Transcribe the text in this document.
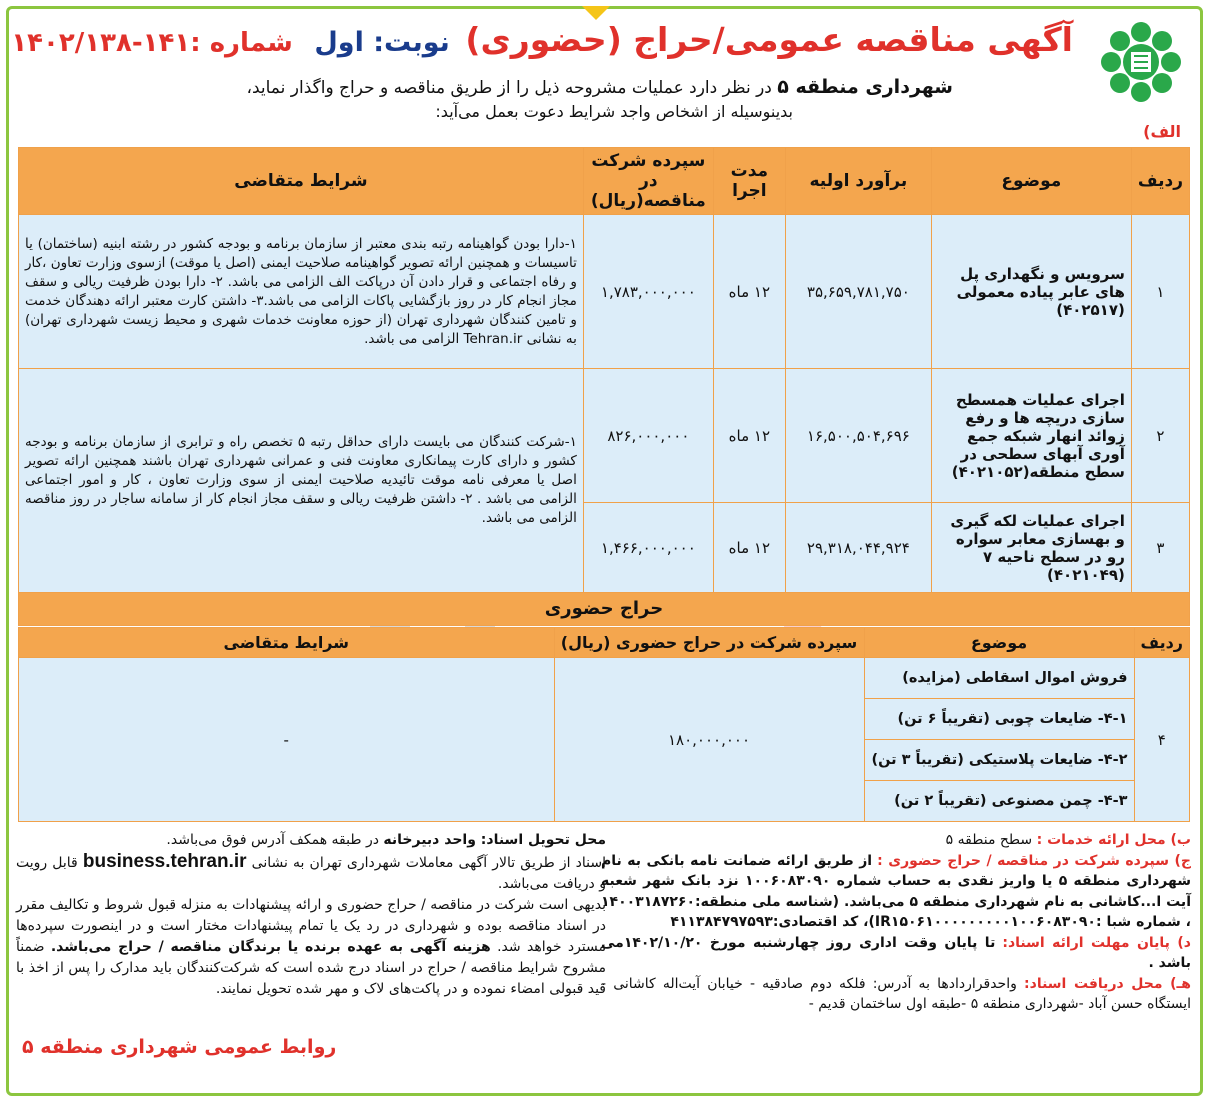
آگهی مناقصه عمومی/حراج (حضوری) نوبت: اول شماره :۱۴۱-۱۴۰۲/۱۳۸
شهرداری منطقه ۵ در نظر دارد عملیات مشروحه ذیل را از طریق مناقصه و حراج واگذار نماید،
بدینوسیله از اشخاص واجد شرایط دعوت بعمل می‌آید:
الف)
ردیف	موضوع	برآورد اولیه	مدت اجرا	سپرده شرکت در مناقصه(ریال)	شرایط متقاضی
۱	سرویس و نگهداری پل های عابر پیاده معمولی (۴۰۲۵۱۷)	۳۵,۶۵۹,۷۸۱,۷۵۰	۱۲ ماه	۱,۷۸۳,۰۰۰,۰۰۰	۱-دارا بودن گواهینامه رتبه بندی معتبر از سازمان برنامه و بودجه کشور در رشته ابنیه (ساختمان) یا تاسیسات و همچنین ارائه تصویر گواهینامه صلاحیت ایمنی (اصل یا موقت) ازسوی وزارت تعاون ،کار و رفاه اجتماعی و قرار دادن آن درپاکت الف الزامی می باشد. ۲- دارا بودن ظرفیت ریالی و سقف مجاز انجام کار در روز بازگشایی پاکات الزامی می باشد.۳- داشتن کارت معتبر ارائه دهندگان خدمت و تامین کنندگان شهرداری تهران (از حوزه معاونت خدمات شهری و محیط زیست شهرداری تهران) به نشانی Tehran.ir الزامی می باشد.
۲	اجرای عملیات همسطح سازی دریچه ها و رفع زوائد انهار شبکه جمع آوری آبهای سطحی در سطح منطقه(۴۰۲۱۰۵۲)	۱۶,۵۰۰,۵۰۴,۶۹۶	۱۲ ماه	۸۲۶,۰۰۰,۰۰۰	۱-شرکت کنندگان می بایست دارای حداقل رتبه ۵ تخصص راه و ترابری از سازمان برنامه و بودجه کشور و دارای کارت پیمانکاری معاونت فنی و عمرانی شهرداری تهران باشند همچنین ارائه تصویر اصل یا معرفی نامه موقت تائیدیه صلاحیت ایمنی از سوی وزارت تعاون ، کار و امور اجتماعی الزامی می باشد . ۲- داشتن ظرفیت ریالی و سقف مجاز انجام کار از سامانه ساجار در روز مناقصه الزامی می باشد.
۳	اجرای عملیات لکه گیری و بهسازی معابر سواره رو در سطح ناحیه ۷ (۴۰۲۱۰۴۹)	۲۹,۳۱۸,۰۴۴,۹۲۴	۱۲ ماه	۱,۴۶۶,۰۰۰,۰۰۰	
حراج حضوری
ردیف	موضوع	سپرده شرکت در حراج حضوری (ریال)	شرایط متقاضی
۴	فروش اموال اسقاطی (مزایده)	۱۸۰,۰۰۰,۰۰۰	-
	۴-۱- ضایعات چوبی (تقریباً ۶ تن)		
	۴-۲- ضایعات پلاستیکی (تقریباً ۳ تن)		
	۴-۳- چمن مصنوعی (تقریباً ۲ تن)		
ب) محل ارائه خدمات : سطح منطقه ۵
ج) سپرده شرکت در مناقصه / حراج حضوری : از طریق ارائه ضمانت نامه بانکی به نام شهرداری منطقه ۵ یا واریز نقدی به حساب شماره ۱۰۰۶۰۸۳۰۹۰ نزد بانک شهر شعبه آیت ا...کاشانی به نام شهرداری منطقه ۵ می‌باشد. (شناسه ملی منطقه:۱۴۰۰۳۱۸۷۲۶۰ ، شماره شبا :IR۱۵۰۶۱۰۰۰۰۰۰۰۰۰۱۰۰۶۰۸۳۰۹۰)، کد اقتصادی:۴۱۱۳۸۴۷۹۷۵۹۳
د) پایان مهلت ارائه اسناد: تا پایان وقت اداری روز چهارشنبه مورخ ۱۴۰۲/۱۰/۲۰می باشد .
هـ) محل دریافت اسناد: واحدقراردادها به آدرس: فلکه دوم صادقیه - خیابان آیت‌اله کاشانی - ایستگاه حسن آباد -شهرداری منطقه ۵ -طبقه اول ساختمان قدیم -
محل تحویل اسناد: واحد دبیرخانه در طبقه همکف آدرس فوق می‌باشد.
اسناد از طریق تالار آگهی معاملات شهرداری تهران به نشانی business.tehran.ir قابل رویت و دریافت می‌باشد.
بدیهی است شرکت در مناقصه / حراج حضوری و ارائه پیشنهادات به منزله قبول شروط و تکالیف مقرر در اسناد مناقصه بوده و شهرداری در رد یک یا تمام پیشنهادات مختار است و در اینصورت سپرده‌ها مسترد خواهد شد. هزینه آگهی به عهده برنده یا برندگان مناقصه / حراج می‌باشد. ضمناً مشروح شرایط مناقصه / حراج در اسناد درج شده است که شرکت‌کنندگان باید مدارک را پس از اخذ با قید قبولی امضاء نموده و در پاکت‌های لاک و مهر شده تحویل نمایند.
روابط عمومی شهرداری منطقه ۵
